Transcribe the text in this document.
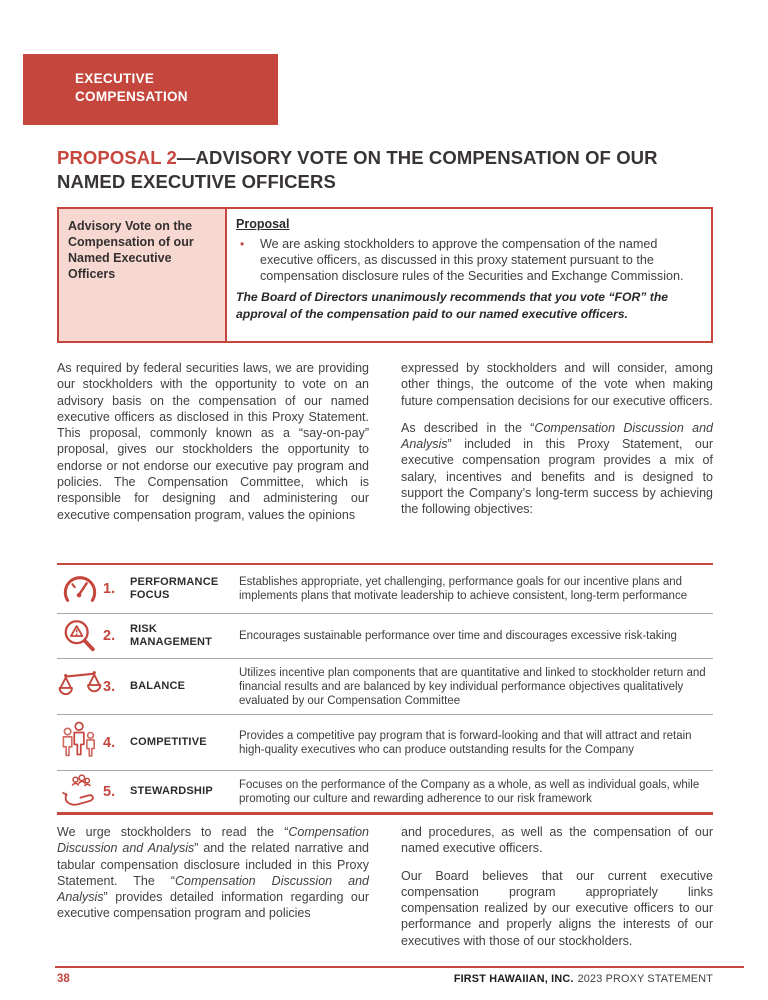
EXECUTIVE
COMPENSATION
PROPOSAL 2—ADVISORY VOTE ON THE COMPENSATION OF OUR NAMED EXECUTIVE OFFICERS
Advisory Vote on the Compensation of our Named Executive Officers
Proposal
•	We are asking stockholders to approve the compensation of the named executive officers, as discussed in this proxy statement pursuant to the compensation disclosure rules of the Securities and Exchange Commission.

The Board of Directors unanimously recommends that you vote “FOR” the approval of the compensation paid to our named executive officers.

As required by federal securities laws, we are providing our stockholders with the opportunity to vote on an advisory basis on the compensation of our named executive officers as disclosed in this Proxy Statement. This proposal, commonly known as a “say-on-pay” proposal, gives our stockholders the opportunity to endorse or not endorse our executive pay program and policies. The Compensation Committee, which is responsible for designing and administering our executive compensation program, values the opinions

expressed by stockholders and will consider, among other things, the outcome of the vote when making future compensation decisions for our executive officers.

As described in the “Compensation Discussion and Analysis” included in this Proxy Statement, our executive compensation program provides a mix of salary, incentives and benefits and is designed to support the Company’s long-term success by achieving the following objectives:

1.	PERFORMANCE FOCUS
Establishes appropriate, yet challenging, performance goals for our incentive plans and implements plans that motivate leadership to achieve consistent, long-term performance
2.	RISK MANAGEMENT	Encourages sustainable performance over time and discourages excessive risk-taking
3.	BALANCE
Utilizes incentive plan components that are quantitative and linked to stockholder return and financial results and are balanced by key individual performance objectives qualitatively evaluated by our Compensation Committee
4.	COMPETITIVE
Provides a competitive pay program that is forward-looking and that will attract and retain high-quality executives who can produce outstanding results for the Company
5.	STEWARDSHIP
Focuses on the performance of the Company as a whole, as well as individual goals, while promoting our culture and rewarding adherence to our risk framework

We urge stockholders to read the “Compensation Discussion and Analysis” and the related narrative and tabular compensation disclosure included in this Proxy Statement. The “Compensation Discussion and Analysis” provides detailed information regarding our executive compensation program and policies

and procedures, as well as the compensation of our named executive officers.

Our Board believes that our current executive compensation program appropriately links compensation realized by our executive officers to our performance and properly aligns the interests of our executives with those of our stockholders.

38	FIRST HAWAIIAN, INC. 2023 PROXY STATEMENT
